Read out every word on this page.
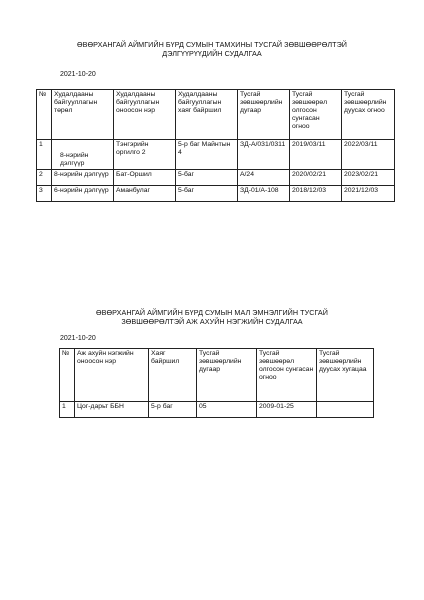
ӨВӨРХАНГАЙ АЙМГИЙН БҮРД СУМЫН ТАМХИНЫ ТУСГАЙ ЗӨВШӨӨРӨЛТЭЙ
ДЭЛГҮҮРҮҮДИЙН СУДАЛГАА
2021-10-20
№	Худалдааны байгууллагын төрөл	Худалдааны байгууллагын оноосон нэр	Худалдааны байгууллагын хаяг байршил	Тусгай зөвшөөрлийн дугаар	Тусгай зөвшөөрөл олгосон сунгасан огноо	Тусгай зөвшөөрлийн дуусах огноо
1	8-нэрийн дэлгүүр	Тэнгэрийн оргилго 2	5-р баг Майнтын 4	ЗД-А/031/0311	2019/03/11	2022/03/11
2	8-нэрийн дэлгүүр	Бат-Оршил	5-баг	А/24	2020/02/21	2023/02/21
3	6-нэрийн дэлгүүр	Аманбулаг	5-баг	ЗД-01/А-108	2018/12/03	2021/12/03
ӨВӨРХАНГАЙ АЙМГИЙН БҮРД СУМЫН МАЛ ЭМНЭЛГИЙН ТУСГАЙ
ЗӨВШӨӨРӨЛТЭЙ АЖ АХУЙН НЭГЖИЙН СУДАЛГАА
2021-10-20
№	Аж ахуйн нэгжийн оноосон нэр	Хаяг байршил	Тусгай зөвшөөрлийн дугаар	Тусгай зөвшөөрөл олгосон сунгасан огноо	Тусгай зөвшөөрлийн дуусах хугацаа
1	Цог-дарьт ББН	5-р баг	05	2009-01-25	
